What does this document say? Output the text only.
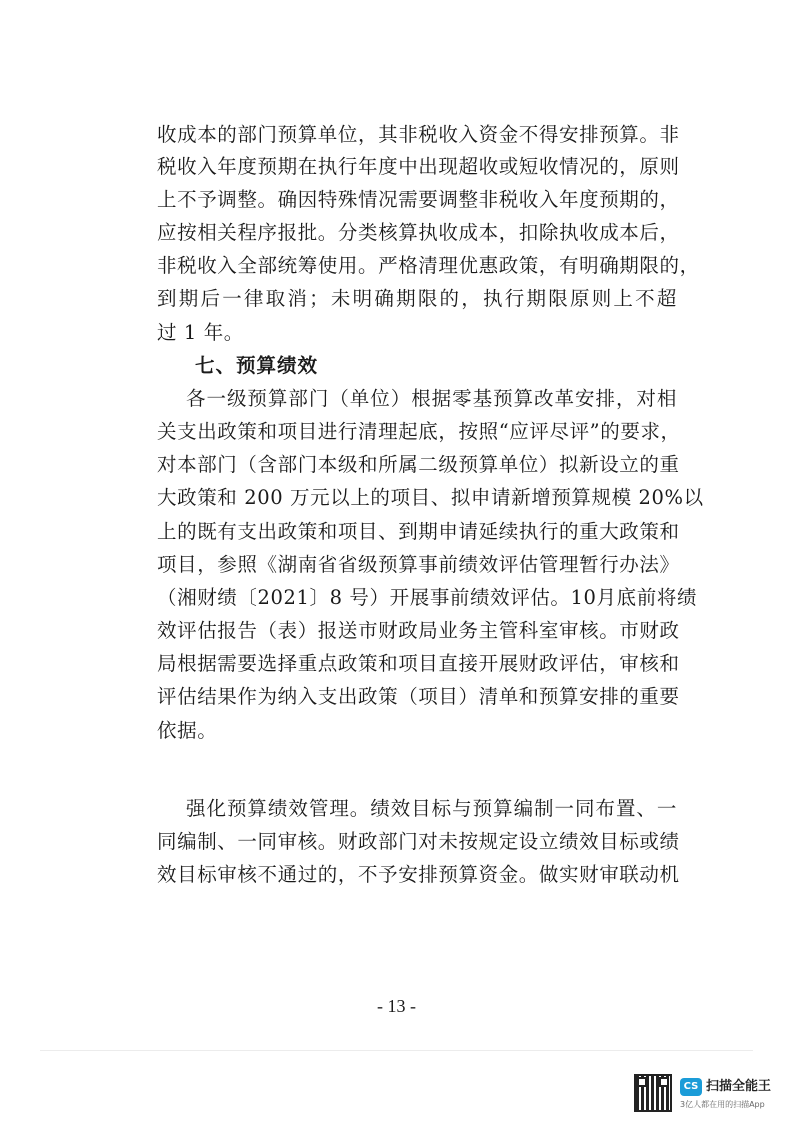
收成本的部门预算单位，其非税收入资金不得安排预算。非
税收入年度预期在执行年度中出现超收或短收情况的，原则
上不予调整。确因特殊情况需要调整非税收入年度预期的，
应按相关程序报批。分类核算执收成本，扣除执收成本后，
非税收入全部统筹使用。严格清理优惠政策，有明确期限的，
到期后一律取消；未明确期限的，执行期限原则上不超
过 1 年。
七、预算绩效
各一级预算部门（单位）根据零基预算改革安排，对相
关支出政策和项目进行清理起底，按照“应评尽评”的要求，
对本部门（含部门本级和所属二级预算单位）拟新设立的重
大政策和 200 万元以上的项目、拟申请新增预算规模 20%以
上的既有支出政策和项目、到期申请延续执行的重大政策和
项目，参照《湖南省省级预算事前绩效评估管理暂行办法》
（湘财绩〔2021〕8 号）开展事前绩效评估。10月底前将绩
效评估报告（表）报送市财政局业务主管科室审核。市财政
局根据需要选择重点政策和项目直接开展财政评估，审核和
评估结果作为纳入支出政策（项目）清单和预算安排的重要
依据。
强化预算绩效管理。绩效目标与预算编制一同布置、一
同编制、一同审核。财政部门对未按规定设立绩效目标或绩
效目标审核不通过的，不予安排预算资金。做实财审联动机
- 13 -
CS 扫描全能王
3亿人都在用的扫描App
